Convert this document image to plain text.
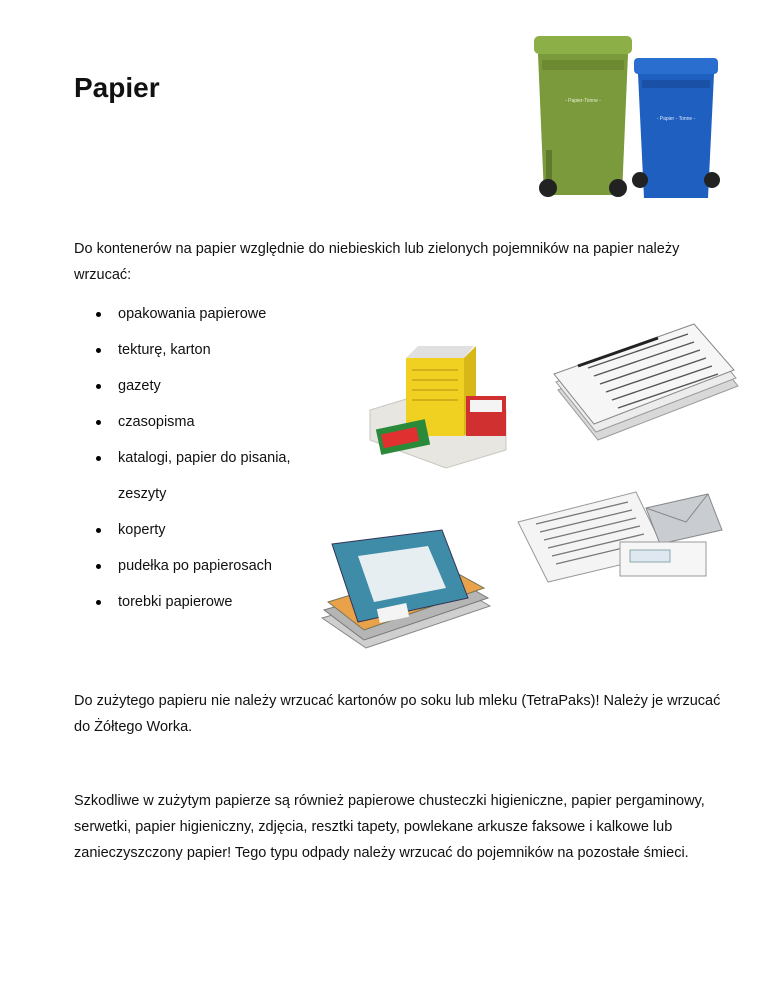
Papier	- Papier-Tonne -
- Papier - Tonne -

Do kontenerów na papier względnie do niebieskich lub zielonych pojemników na papier należy wrzucać:

opakowania papierowe
tekturę, karton
gazety
czasopisma
katalogi, papier do pisania, zeszyty
koperty
pudełka po papierosach
torebki papierowe

Do zużytego papieru nie należy wrzucać kartonów po soku lub mleku (TetraPaks)! Należy je wrzucać do Żółtego Worka.

Szkodliwe w zużytym papierze są również papierowe chusteczki higieniczne, papier pergaminowy, serwetki, papier higieniczny, zdjęcia, resztki tapety, powlekane arkusze faksowe i kalkowe lub zanieczyszczony papier! Tego typu odpady należy wrzucać do pojemników na pozostałe śmieci.
